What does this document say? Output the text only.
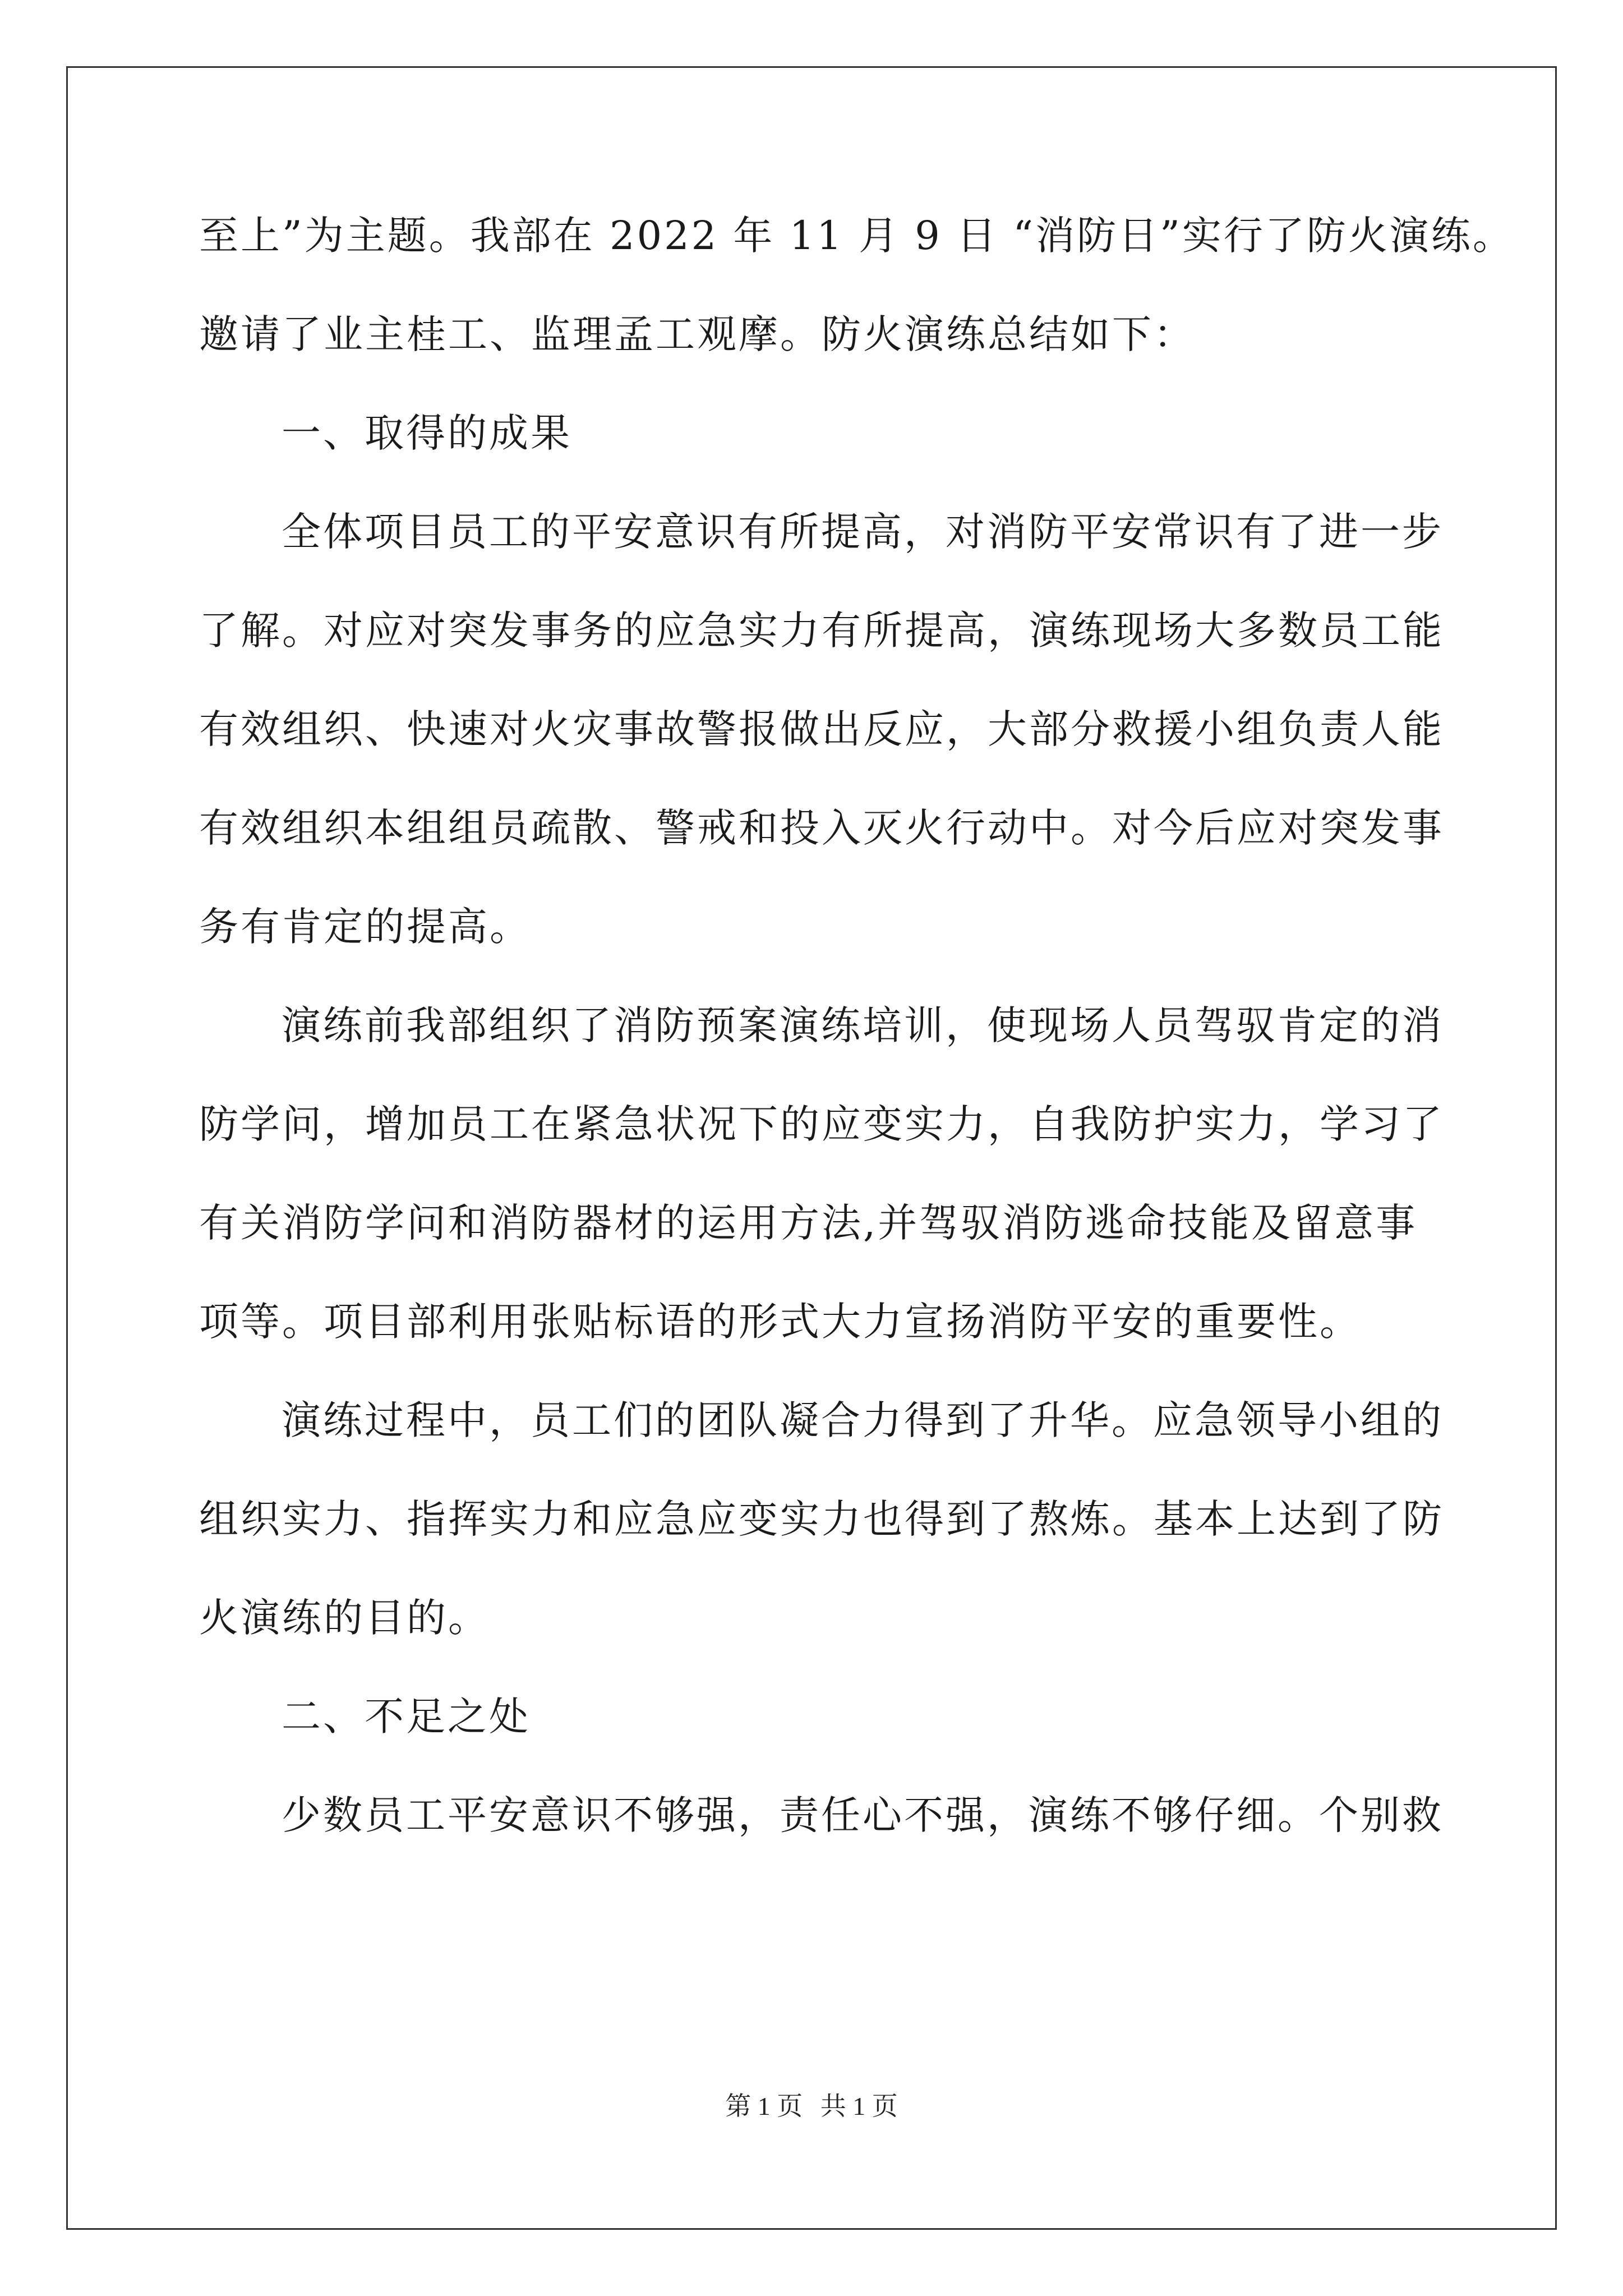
至上”为主题。我部在 2022 年 11 月 9 日 “消防日”实行了防火演练。
邀请了业主桂工、监理孟工观摩。防火演练总结如下：
一、取得的成果
全体项目员工的平安意识有所提高，对消防平安常识有了进一步
了解。对应对突发事务的应急实力有所提高，演练现场大多数员工能
有效组织、快速对火灾事故警报做出反应，大部分救援小组负责人能
有效组织本组组员疏散、警戒和投入灭火行动中。对今后应对突发事
务有肯定的提高。
演练前我部组织了消防预案演练培训，使现场人员驾驭肯定的消
防学问，增加员工在紧急状况下的应变实力，自我防护实力，学习了
有关消防学问和消防器材的运用方法,并驾驭消防逃命技能及留意事
项等。项目部利用张贴标语的形式大力宣扬消防平安的重要性。
演练过程中，员工们的团队凝合力得到了升华。应急领导小组的
组织实力、指挥实力和应急应变实力也得到了熬炼。基本上达到了防
火演练的目的。
二、不足之处
少数员工平安意识不够强，责任心不强，演练不够仔细。个别救
第 1 页 共 1 页
